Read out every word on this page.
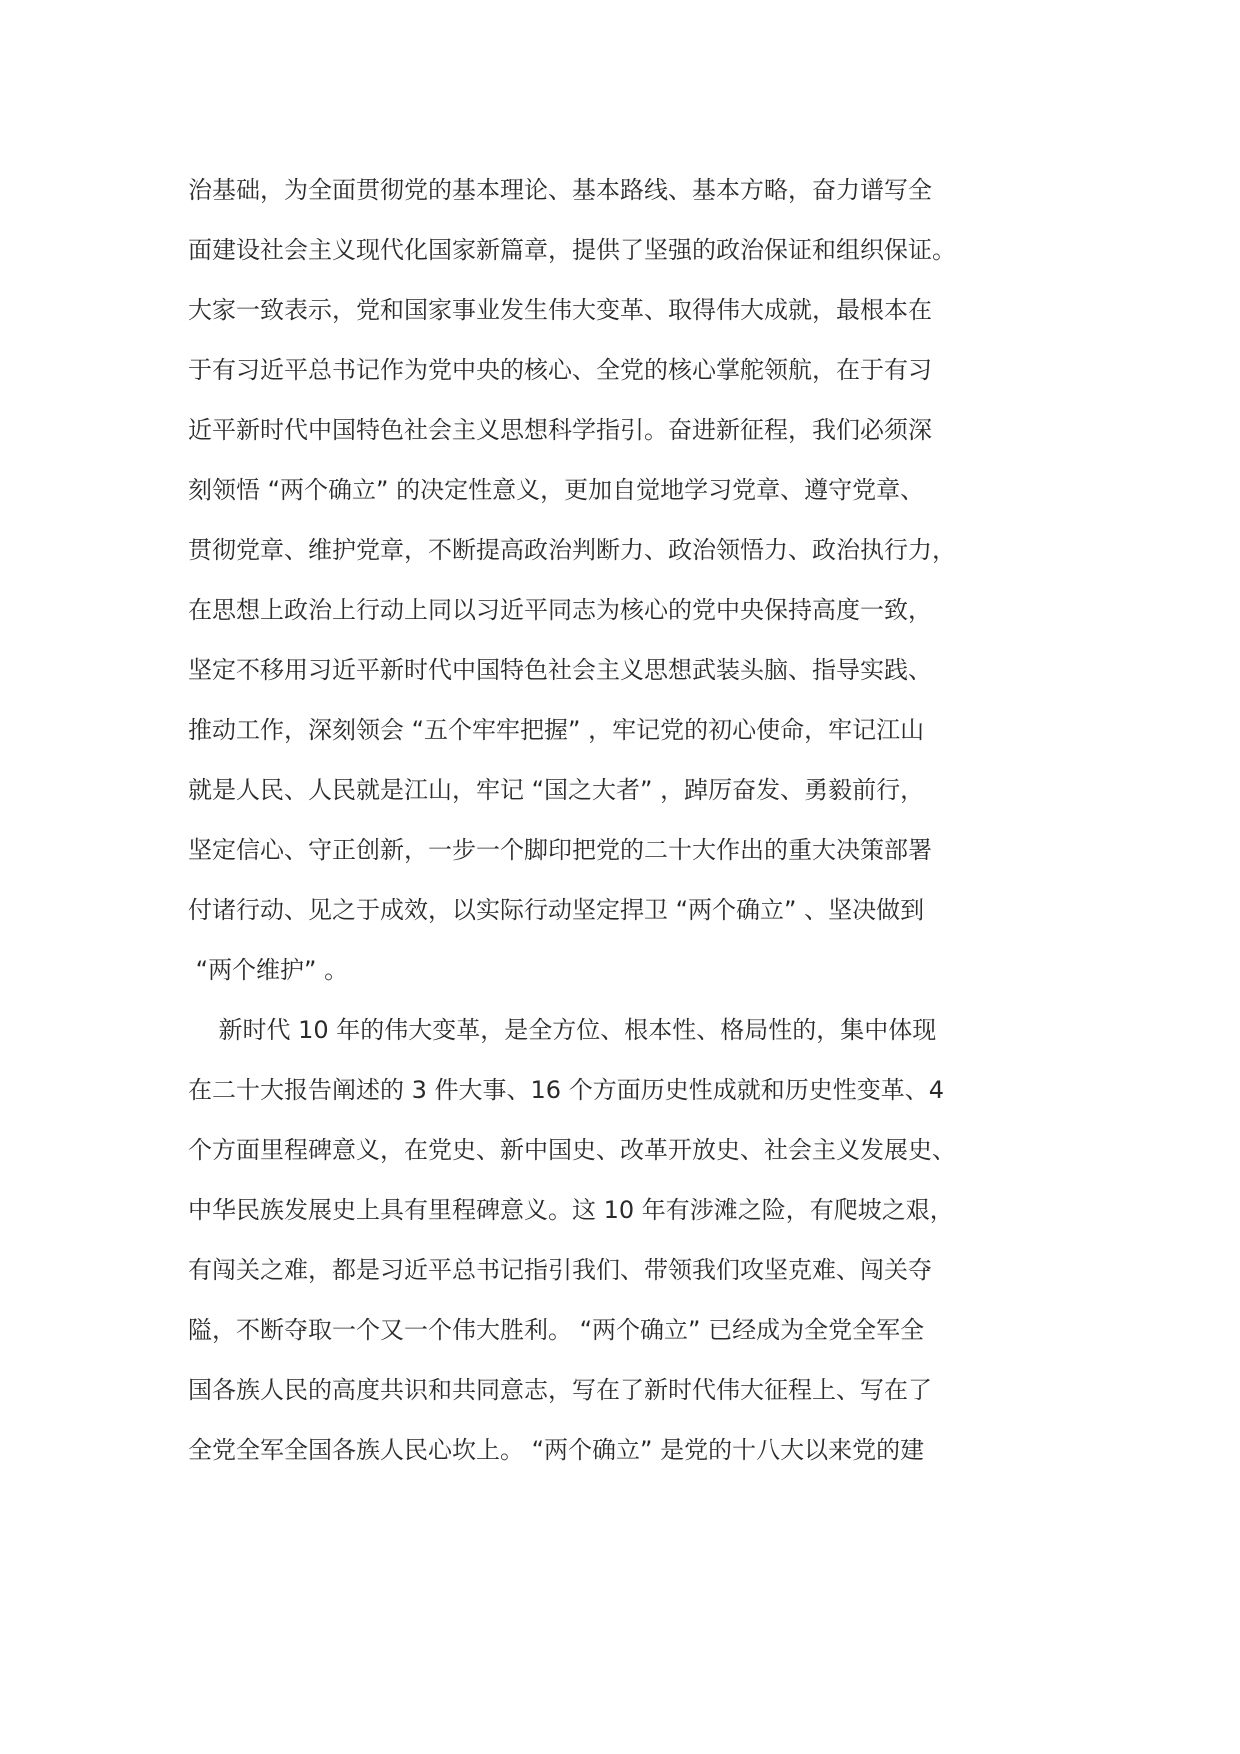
治基础，为全面贯彻党的基本理论、基本路线、基本方略，奋力谱写全
面建设社会主义现代化国家新篇章，提供了坚强的政治保证和组织保证。
大家一致表示，党和国家事业发生伟大变革、取得伟大成就，最根本在
于有习近平总书记作为党中央的核心、全党的核心掌舵领航，在于有习
近平新时代中国特色社会主义思想科学指引。奋进新征程，我们必须深
刻领悟 “两个确立” 的决定性意义，更加自觉地学习党章、遵守党章、
贯彻党章、维护党章，不断提高政治判断力、政治领悟力、政治执行力，
在思想上政治上行动上同以习近平同志为核心的党中央保持高度一致，
坚定不移用习近平新时代中国特色社会主义思想武装头脑、指导实践、
推动工作，深刻领会 “五个牢牢把握” ，牢记党的初心使命，牢记江山
就是人民、人民就是江山，牢记 “国之大者” ，踔厉奋发、勇毅前行，
坚定信心、守正创新，一步一个脚印把党的二十大作出的重大决策部署
付诸行动、见之于成效，以实际行动坚定捍卫 “两个确立” 、坚决做到
“两个维护” 。
新时代 10 年的伟大变革，是全方位、根本性、格局性的，集中体现
在二十大报告阐述的 3 件大事、16 个方面历史性成就和历史性变革、4
个方面里程碑意义，在党史、新中国史、改革开放史、社会主义发展史、
中华民族发展史上具有里程碑意义。这 10 年有涉滩之险，有爬坡之艰，
有闯关之难，都是习近平总书记指引我们、带领我们攻坚克难、闯关夺
隘，不断夺取一个又一个伟大胜利。 “两个确立” 已经成为全党全军全
国各族人民的高度共识和共同意志，写在了新时代伟大征程上、写在了
全党全军全国各族人民心坎上。 “两个确立” 是党的十八大以来党的建
